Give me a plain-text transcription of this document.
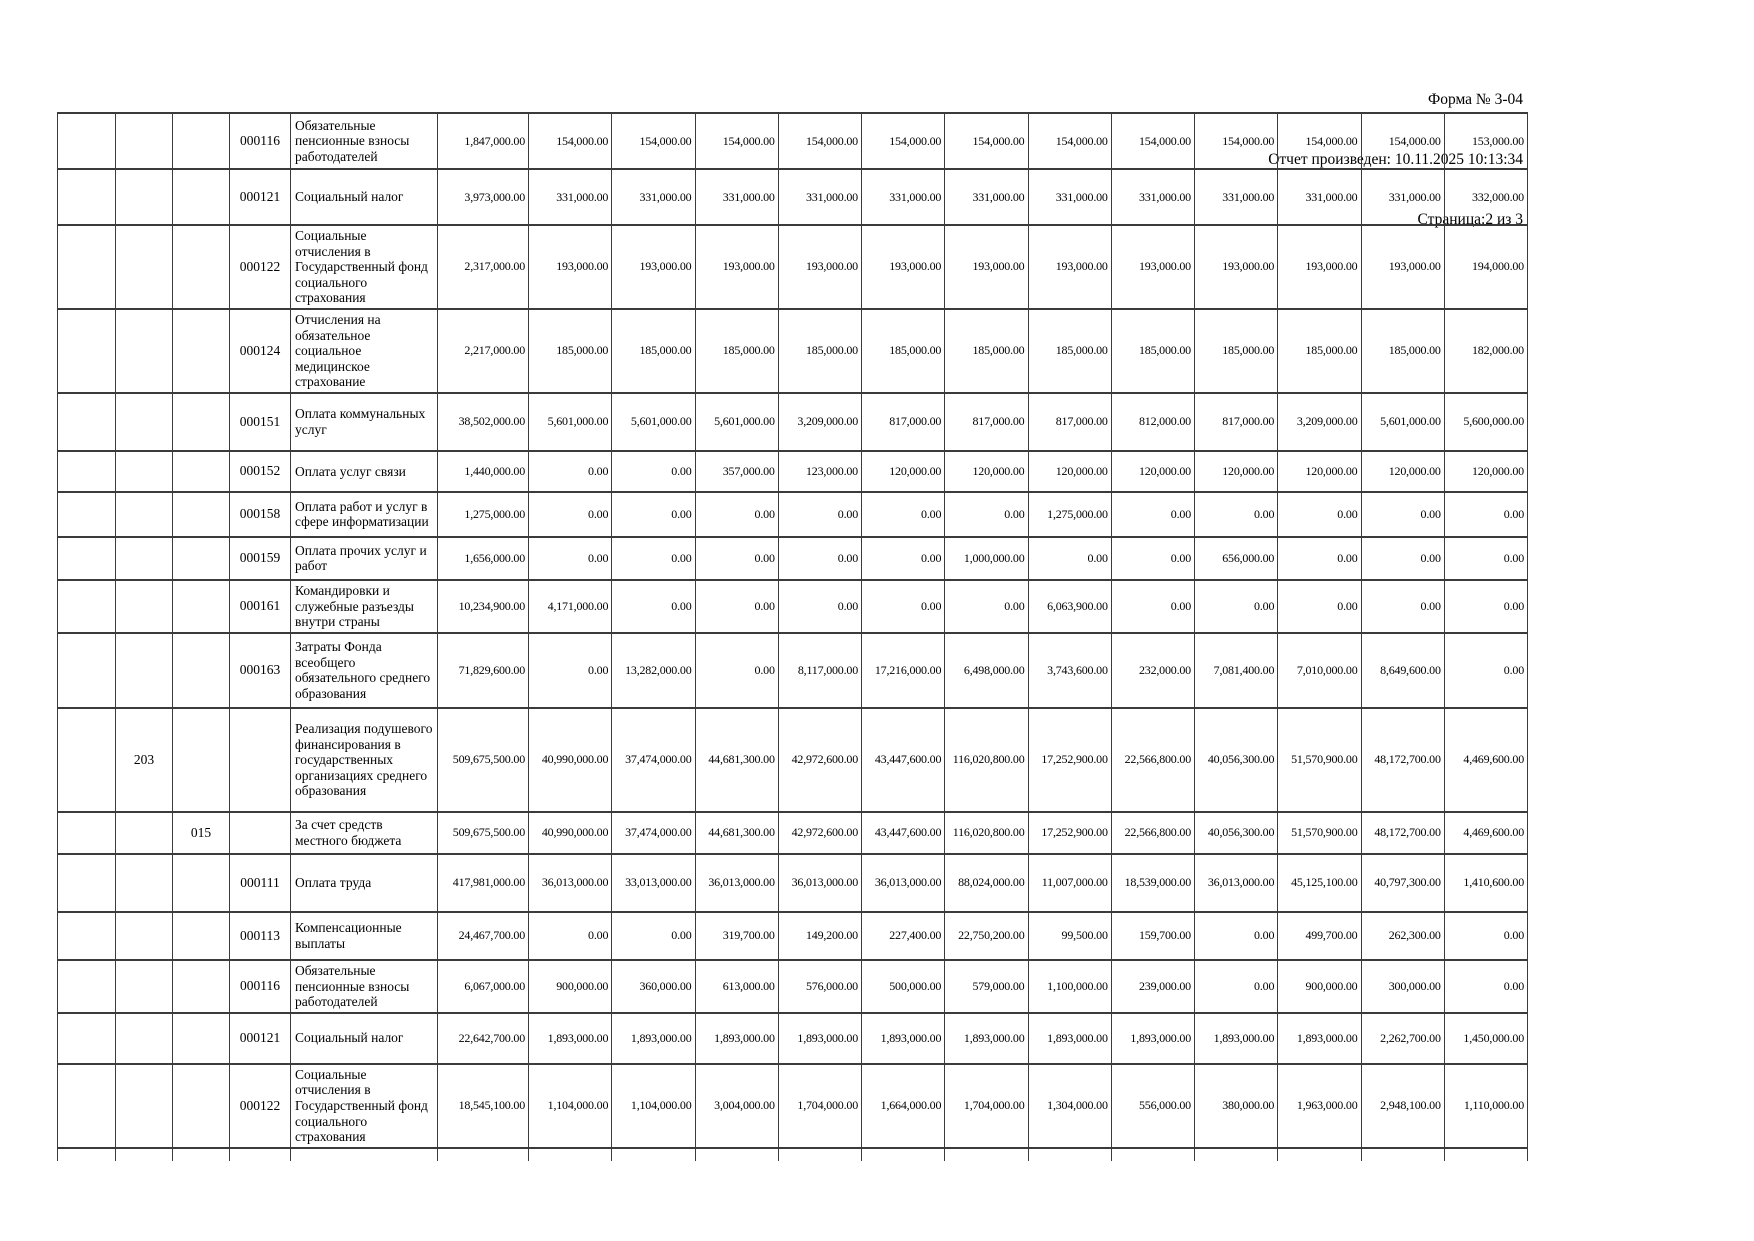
Форма № 3-04

Отчет произведен: 10.11.2025 10:13:34

Страница:2 из 3

			000116	Обязательные пенсионные взносы работодателей	1,847,000.00	154,000.00	154,000.00	154,000.00	154,000.00	154,000.00	154,000.00	154,000.00	154,000.00	154,000.00	154,000.00	154,000.00	153,000.00
			000121	Социальный налог	3,973,000.00	331,000.00	331,000.00	331,000.00	331,000.00	331,000.00	331,000.00	331,000.00	331,000.00	331,000.00	331,000.00	331,000.00	332,000.00
			000122	Социальные отчисления в Государственный фонд социального страхования	2,317,000.00	193,000.00	193,000.00	193,000.00	193,000.00	193,000.00	193,000.00	193,000.00	193,000.00	193,000.00	193,000.00	193,000.00	194,000.00
			000124	Отчисления на обязательное социальное медицинское страхование	2,217,000.00	185,000.00	185,000.00	185,000.00	185,000.00	185,000.00	185,000.00	185,000.00	185,000.00	185,000.00	185,000.00	185,000.00	182,000.00
			000151	Оплата коммунальных услуг	38,502,000.00	5,601,000.00	5,601,000.00	5,601,000.00	3,209,000.00	817,000.00	817,000.00	817,000.00	812,000.00	817,000.00	3,209,000.00	5,601,000.00	5,600,000.00
			000152	Оплата услуг связи	1,440,000.00	0.00	0.00	357,000.00	123,000.00	120,000.00	120,000.00	120,000.00	120,000.00	120,000.00	120,000.00	120,000.00	120,000.00
			000158	Оплата работ и услуг в сфере информатизации	1,275,000.00	0.00	0.00	0.00	0.00	0.00	0.00	1,275,000.00	0.00	0.00	0.00	0.00	0.00
			000159	Оплата прочих услуг и работ	1,656,000.00	0.00	0.00	0.00	0.00	0.00	1,000,000.00	0.00	0.00	656,000.00	0.00	0.00	0.00
			000161	Командировки и служебные разъезды внутри страны	10,234,900.00	4,171,000.00	0.00	0.00	0.00	0.00	0.00	6,063,900.00	0.00	0.00	0.00	0.00	0.00
			000163	Затраты Фонда всеобщего обязательного среднего образования	71,829,600.00	0.00	13,282,000.00	0.00	8,117,000.00	17,216,000.00	6,498,000.00	3,743,600.00	232,000.00	7,081,400.00	7,010,000.00	8,649,600.00	0.00
	203			Реализация подушевого финансирования в государственных организациях среднего образования	509,675,500.00	40,990,000.00	37,474,000.00	44,681,300.00	42,972,600.00	43,447,600.00	116,020,800.00	17,252,900.00	22,566,800.00	40,056,300.00	51,570,900.00	48,172,700.00	4,469,600.00
		015		За счет средств местного бюджета	509,675,500.00	40,990,000.00	37,474,000.00	44,681,300.00	42,972,600.00	43,447,600.00	116,020,800.00	17,252,900.00	22,566,800.00	40,056,300.00	51,570,900.00	48,172,700.00	4,469,600.00
			000111	Оплата труда	417,981,000.00	36,013,000.00	33,013,000.00	36,013,000.00	36,013,000.00	36,013,000.00	88,024,000.00	11,007,000.00	18,539,000.00	36,013,000.00	45,125,100.00	40,797,300.00	1,410,600.00
			000113	Компенсационные выплаты	24,467,700.00	0.00	0.00	319,700.00	149,200.00	227,400.00	22,750,200.00	99,500.00	159,700.00	0.00	499,700.00	262,300.00	0.00
			000116	Обязательные пенсионные взносы работодателей	6,067,000.00	900,000.00	360,000.00	613,000.00	576,000.00	500,000.00	579,000.00	1,100,000.00	239,000.00	0.00	900,000.00	300,000.00	0.00
			000121	Социальный налог	22,642,700.00	1,893,000.00	1,893,000.00	1,893,000.00	1,893,000.00	1,893,000.00	1,893,000.00	1,893,000.00	1,893,000.00	1,893,000.00	1,893,000.00	2,262,700.00	1,450,000.00
			000122	Социальные отчисления в Государственный фонд социального страхования	18,545,100.00	1,104,000.00	1,104,000.00	3,004,000.00	1,704,000.00	1,664,000.00	1,704,000.00	1,304,000.00	556,000.00	380,000.00	1,963,000.00	2,948,100.00	1,110,000.00
